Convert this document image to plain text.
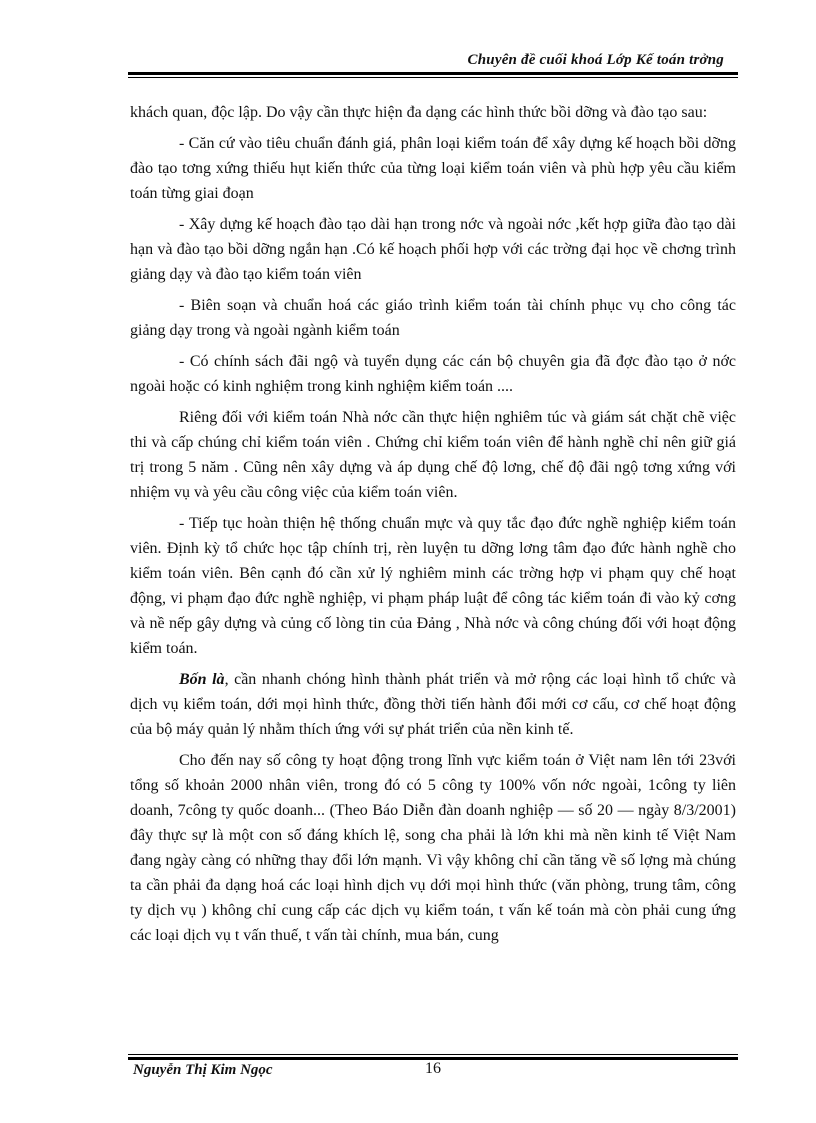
Chuyên đề cuối khoá Lớp Kế toán trởng

khách quan, độc lập. Do vậy cần thực hiện đa dạng các hình thức bồi dỡng và đào tạo sau:

- Căn cứ vào tiêu chuẩn đánh giá, phân loại kiểm toán để xây dựng kế hoạch bồi dỡng đào tạo tơng xứng thiếu hụt kiến thức của từng loại kiểm toán viên và phù hợp yêu cầu kiểm toán từng giai đoạn

- Xây dựng kế hoạch đào tạo dài hạn trong nớc và ngoài nớc ,kết hợp giữa đào tạo dài hạn và đào tạo bồi dỡng ngắn hạn .Có kế hoạch phối hợp với các trờng đại học về chơng trình giảng dạy và đào tạo kiểm toán viên

- Biên soạn và chuẩn hoá các giáo trình kiểm toán tài chính phục vụ cho công tác giảng dạy trong và ngoài ngành kiểm toán

- Có chính sách đãi ngộ và tuyển dụng các cán bộ chuyên gia đã đợc đào tạo ở nớc ngoài hoặc có kinh nghiệm trong kinh nghiệm kiểm toán ....

Riêng đối với kiểm toán Nhà nớc cần thực hiện nghiêm túc và giám sát chặt chẽ việc thi và cấp chúng chỉ kiểm toán viên . Chứng chỉ kiểm toán viên để hành nghề chỉ nên giữ giá trị trong 5 năm . Cũng nên xây dựng và áp dụng chế độ lơng, chế độ đãi ngộ tơng xứng với nhiệm vụ và yêu cầu công việc của kiểm toán viên.

- Tiếp tục hoàn thiện hệ thống chuẩn mực và quy tắc đạo đức nghề nghiệp kiểm toán viên. Định kỳ tổ chức học tập chính trị, rèn luyện tu dỡng lơng tâm đạo đức hành nghề cho kiểm toán viên. Bên cạnh đó cần xử lý nghiêm minh các trờng hợp vi phạm quy chế hoạt động, vi phạm đạo đức nghề nghiệp, vi phạm pháp luật để công tác kiểm toán đi vào kỷ cơng và nề nếp gây dựng và củng cố lòng tin của Đảng , Nhà nớc và công chúng đối với hoạt động kiểm toán.

Bốn là, cần nhanh chóng hình thành phát triển và mở rộng các loại hình tổ chức và dịch vụ kiểm toán, dới mọi hình thức, đồng thời tiến hành đổi mới cơ cấu, cơ chế hoạt động của bộ máy quản lý nhằm thích ứng với sự phát triển của nền kinh tế.

Cho đến nay số công ty hoạt động trong lĩnh vực kiểm toán ở Việt nam lên tới 23với tổng số khoản 2000 nhân viên, trong đó có 5 công ty 100% vốn nớc ngoài, 1công ty liên doanh, 7công ty quốc doanh... (Theo Báo Diễn đàn doanh nghiệp — số 20 — ngày 8/3/2001) đây thực sự là một con số đáng khích lệ, song cha phải là lớn khi mà nền kinh tế Việt Nam đang ngày càng có những thay đổi lớn mạnh. Vì vậy không chỉ cần tăng về số lợng mà chúng ta cần phải đa dạng hoá các loại hình dịch vụ dới mọi hình thức (văn phòng, trung tâm, công ty dịch vụ ) không chỉ cung cấp các dịch vụ kiểm toán, t vấn kế toán mà còn phải cung ứng các loại dịch vụ t vấn thuế, t vấn tài chính, mua bán, cung

Nguyễn Thị Kim Ngọc	16
